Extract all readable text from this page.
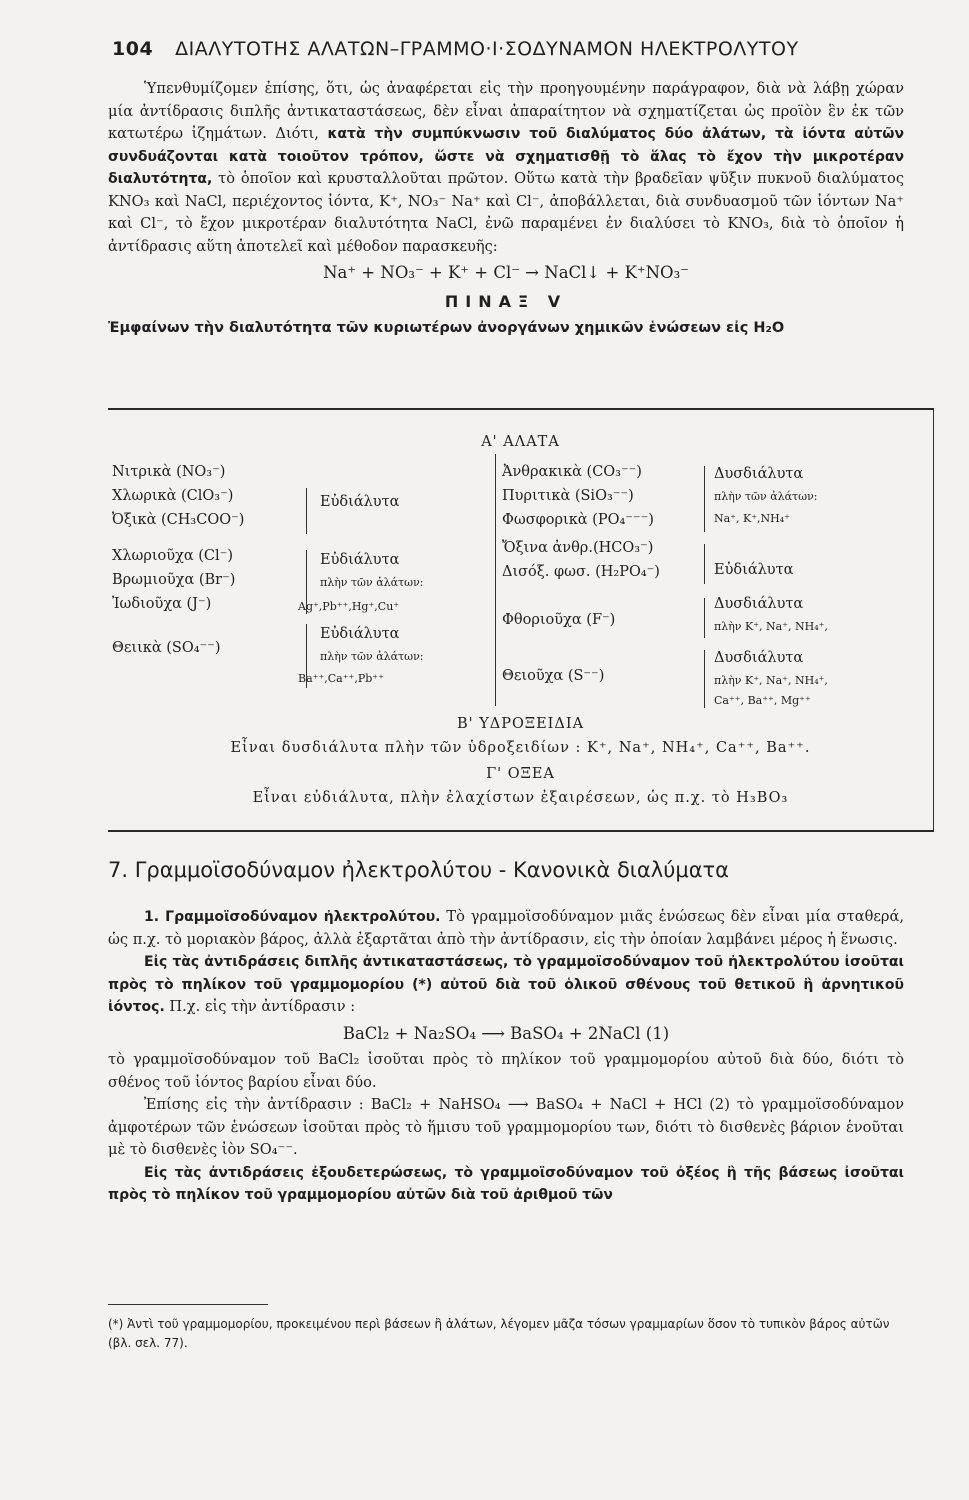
104 ΔΙΑΛΥΤΟΤΗΣ ΑΛΑΤΩΝ–ΓΡΑΜΜΟ·Ι·ΣΟΔΥΝΑΜΟΝ ΗΛΕΚΤΡΟΛΥΤΟΥ

Ὑπενθυμίζομεν ἐπίσης, ὅτι, ὡς ἀναφέρεται εἰς τὴν προηγουμένην παράγραφον, διὰ νὰ λάβῃ χώραν μία ἀντίδρασις διπλῆς ἀντικαταστάσεως, δὲν εἶναι ἀπαραίτητον νὰ σχηματίζεται ὡς προϊὸν ἓν ἐκ τῶν κατωτέρω ἰζημάτων. Διότι, κατὰ τὴν συμπύκνωσιν τοῦ διαλύματος δύο ἀλάτων, τὰ ἰόντα αὐτῶν συνδυάζονται κατὰ τοιοῦτον τρόπον, ὥστε νὰ σχηματισθῇ τὸ ἅλας τὸ ἔχον τὴν μικροτέραν διαλυτότητα, τὸ ὁποῖον καὶ κρυσταλλοῦται πρῶτον. Οὕτω κατὰ τὴν βραδεῖαν ψῦξιν πυκνοῦ διαλύματος KNO₃ καὶ NaCl, περιέχοντος ἰόντα, K⁺, NO₃⁻ Na⁺ καὶ Cl⁻, ἀποβάλλεται, διὰ συνδυασμοῦ τῶν ἰόντων Na⁺ καὶ Cl⁻, τὸ ἔχον μικροτέραν διαλυτότητα NaCl, ἐνῶ παραμένει ἐν διαλύσει τὸ KNO₃, διὰ τὸ ὁποῖον ἡ ἀντίδρασις αὕτη ἀποτελεῖ καὶ μέθοδον παρασκευῆς:

Na⁺ + NO₃⁻ + K⁺ + Cl⁻ → NaCl↓ + K⁺NO₃⁻
ΠΙΝΑΞ V
Ἐμφαίνων τὴν διαλυτότητα τῶν κυριωτέρων ἀνοργάνων χημικῶν ἑνώσεων εἰς H₂O
Α' ΑΛΑΤΑ
Νιτρικὰ (NO₃⁻)
Χλωρικὰ (ClO₃⁻)
Ὀξικὰ (CH₃COO⁻)
Εὐδιάλυτα
Χλωριοῦχα (Cl⁻)
Βρωμιοῦχα (Br⁻)
Ἰωδιοῦχα (J⁻)
Εὐδιάλυτα
πλὴν τῶν ἀλάτων:
Ag⁺,Pb⁺⁺,Hg⁺,Cu⁺
Θειικὰ (SO₄⁻⁻)
Εὐδιάλυτα
πλὴν τῶν ἀλάτων:
Ba⁺⁺,Ca⁺⁺,Pb⁺⁺
Ἀνθρακικὰ (CO₃⁻⁻)
Πυριτικὰ (SiO₃⁻⁻)
Φωσφορικὰ (PO₄⁻⁻⁻)
Δυσδιάλυτα
πλὴν τῶν ἀλάτων:
Na⁺, K⁺,NH₄⁺
Ὄξινα ἀνθρ.(HCO₃⁻)
Δισόξ. φωσ. (H₂PO₄⁻)	Εὐδιάλυτα
Φθοριοῦχα (F⁻)
Δυσδιάλυτα
πλὴν K⁺, Na⁺, NH₄⁺,
Θειοῦχα (S⁻⁻)
Δυσδιάλυτα
πλὴν K⁺, Na⁺, NH₄⁺,
Ca⁺⁺, Ba⁺⁺, Mg⁺⁺
Β' ΥΔΡΟΞΕΙΔΙΑ
Εἶναι δυσδιάλυτα πλὴν τῶν ὑδροξειδίων : K⁺, Na⁺, NH₄⁺, Ca⁺⁺, Ba⁺⁺.
Γ' ΟΞΕΑ
Εἶναι εὐδιάλυτα, πλὴν ἐλαχίστων ἐξαιρέσεων, ὡς π.χ. τὸ H₃BO₃
7. Γραμμοϊσοδύναμον ἠλεκτρολύτου - Κανονικὰ διαλύματα

1. Γραμμοϊσοδύναμον ἠλεκτρολύτου. Τὸ γραμμοϊσοδύναμον μιᾶς ἑνώσεως δὲν εἶναι μία σταθερά, ὡς π.χ. τὸ μοριακὸν βάρος, ἀλλὰ ἐξαρτᾶται ἀπὸ τὴν ἀντίδρασιν, εἰς τὴν ὁποίαν λαμβάνει μέρος ἡ ἕνωσις.

Εἰς τὰς ἀντιδράσεις διπλῆς ἀντικαταστάσεως, τὸ γραμμοϊσοδύναμον τοῦ ἠλεκτρολύτου ἰσοῦται πρὸς τὸ πηλίκον τοῦ γραμμομορίου (*) αὐτοῦ διὰ τοῦ ὁλικοῦ σθένους τοῦ θετικοῦ ἢ ἀρνητικοῦ ἰόντος. Π.χ. εἰς τὴν ἀντίδρασιν :

BaCl₂ + Na₂SO₄ ⟶ BaSO₄ + 2NaCl (1)

τὸ γραμμοϊσοδύναμον τοῦ BaCl₂ ἰσοῦται πρὸς τὸ πηλίκον τοῦ γραμμομορίου αὐτοῦ διὰ δύο, διότι τὸ σθένος τοῦ ἰόντος βαρίου εἶναι δύο.

Ἐπίσης εἰς τὴν ἀντίδρασιν : BaCl₂ + NaHSO₄ ⟶ BaSO₄ + NaCl + HCl (2) τὸ γραμμοϊσοδύναμον ἀμφοτέρων τῶν ἑνώσεων ἰσοῦται πρὸς τὸ ἥμισυ τοῦ γραμμομορίου των, διότι τὸ δισθενὲς βάριον ἑνοῦται μὲ τὸ δισθενὲς ἰὸν SO₄⁻⁻.

Εἰς τὰς ἀντιδράσεις ἐξουδετερώσεως, τὸ γραμμοϊσοδύναμον τοῦ ὀξέος ἢ τῆς βάσεως ἰσοῦται πρὸς τὸ πηλίκον τοῦ γραμμομορίου αὐτῶν διὰ τοῦ ἀριθμοῦ τῶν

(*) Ἀντὶ τοῦ γραμμομορίου, προκειμένου περὶ βάσεων ἢ ἀλάτων, λέγομεν μᾶζα τόσων γραμμαρίων ὅσον τὸ τυπικὸν βάρος αὐτῶν (βλ. σελ. 77).
